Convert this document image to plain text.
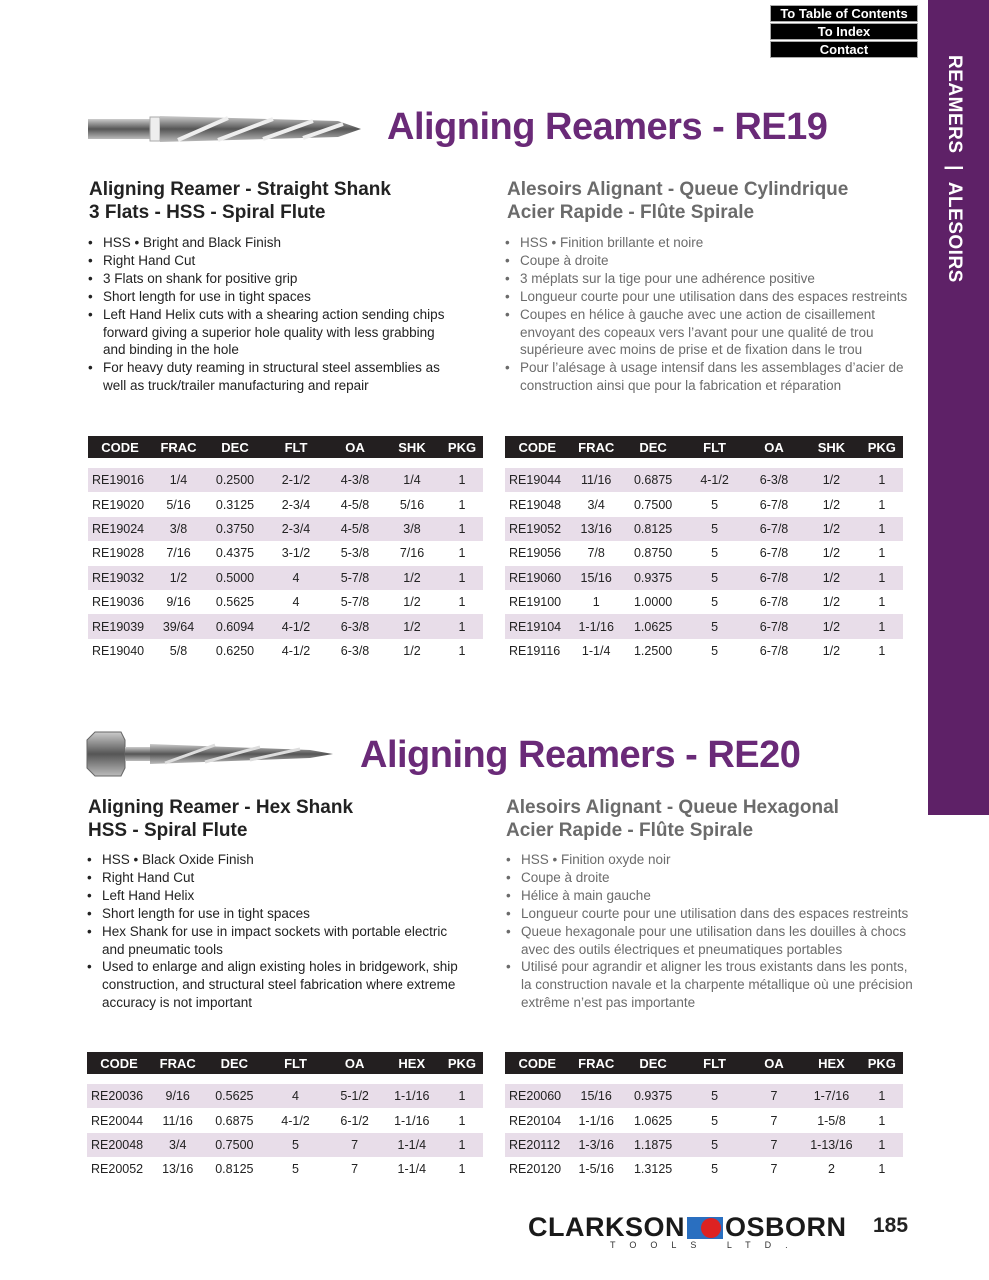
REAMERS  |  ALESOIRS
To Table of Contents
To Index
Contact
Aligning Reamers - RE19
Aligning Reamer - Straight Shank
3 Flats - HSS - Spiral Flute
Alesoirs Alignant - Queue Cylindrique
Acier Rapide - Flûte Spirale
• HSS • Bright and Black Finish
• Right Hand Cut
• 3 Flats on shank for positive grip
• Short length for use in tight spaces
• Left Hand Helix cuts with a shearing action sending chips forward giving a superior hole quality with less grabbing and binding in the hole
• For heavy duty reaming in structural steel assemblies as well as truck/trailer manufacturing and repair
• HSS • Finition brillante et noire
• Coupe à droite
• 3 méplats sur la tige pour une adhérence positive
• Longueur courte pour une utilisation dans des espaces restreints
• Coupes en hélice à gauche avec une action de cisaillement envoyant des copeaux vers l’avant pour une qualité de trou supérieure avec moins de prise et de fixation dans le trou
• Pour l’alésage à usage intensif dans les assemblages d’acier de construction ainsi que pour la fabrication et réparation
CODE	FRAC	DEC	FLT	OA	SHK	PKG

RE19016	1/4	0.2500	2-1/2	4-3/8	1/4	1
RE19020	5/16	0.3125	2-3/4	4-5/8	5/16	1
RE19024	3/8	0.3750	2-3/4	4-5/8	3/8	1
RE19028	7/16	0.4375	3-1/2	5-3/8	7/16	1
RE19032	1/2	0.5000	4	5-7/8	1/2	1
RE19036	9/16	0.5625	4	5-7/8	1/2	1
RE19039	39/64	0.6094	4-1/2	6-3/8	1/2	1
RE19040	5/8	0.6250	4-1/2	6-3/8	1/2	1
CODE	FRAC	DEC	FLT	OA	SHK	PKG

RE19044	11/16	0.6875	4-1/2	6-3/8	1/2	1
RE19048	3/4	0.7500	5	6-7/8	1/2	1
RE19052	13/16	0.8125	5	6-7/8	1/2	1
RE19056	7/8	0.8750	5	6-7/8	1/2	1
RE19060	15/16	0.9375	5	6-7/8	1/2	1
RE19100	1	1.0000	5	6-7/8	1/2	1
RE19104	1-1/16	1.0625	5	6-7/8	1/2	1
RE19116	1-1/4	1.2500	5	6-7/8	1/2	1
Aligning Reamers - RE20
Aligning Reamer - Hex Shank
HSS - Spiral Flute
Alesoirs Alignant - Queue Hexagonal
Acier Rapide - Flûte Spirale
• HSS • Black Oxide Finish
• Right Hand Cut
• Left Hand Helix
• Short length for use in tight spaces
• Hex Shank for use in impact sockets with portable electric and pneumatic tools
• Used to enlarge and align existing holes in bridgework, ship construction, and structural steel fabrication where extreme accuracy is not important
• HSS • Finition oxyde noir
• Coupe à droite
• Hélice à main gauche
• Longueur courte pour une utilisation dans des espaces restreints
• Queue hexagonale pour une utilisation dans les douilles à chocs avec des outils électriques et pneumatiques portables
• Utilisé pour agrandir et aligner les trous existants dans les ponts, la construction navale et la charpente métallique où une précision extrême n’est pas importante
CODE	FRAC	DEC	FLT	OA	HEX	PKG

RE20036	9/16	0.5625	4	5-1/2	1-1/16	1
RE20044	11/16	0.6875	4-1/2	6-1/2	1-1/16	1
RE20048	3/4	0.7500	5	7	1-1/4	1
RE20052	13/16	0.8125	5	7	1-1/4	1
CODE	FRAC	DEC	FLT	OA	HEX	PKG

RE20060	15/16	0.9375	5	7	1-7/16	1
RE20104	1-1/16	1.0625	5	7	1-5/8	1
RE20112	1-3/16	1.1875	5	7	1-13/16	1
RE20120	1-5/16	1.3125	5	7	2	1
CLARKSON OSBORN
TOOLS LTD.
185
